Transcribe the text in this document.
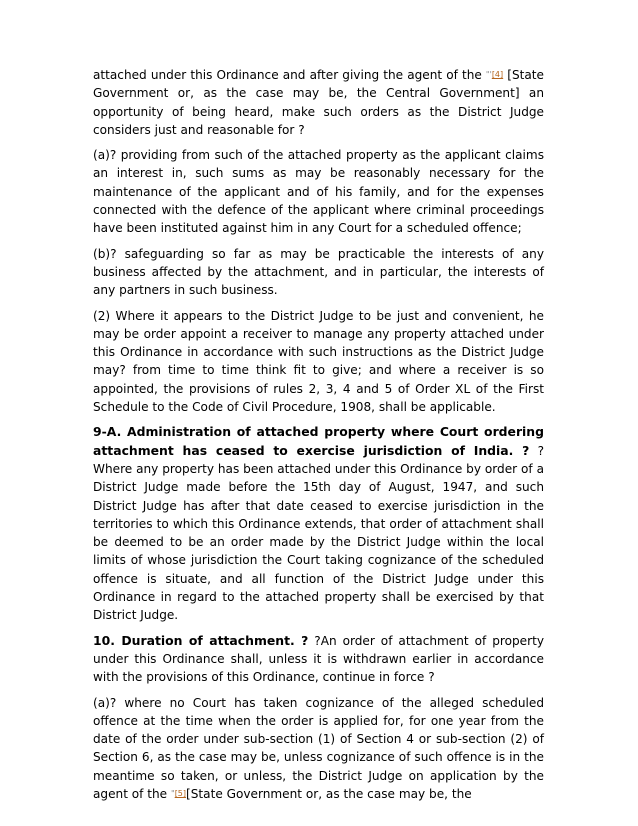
attached under this Ordinance and after giving the agent of the $^{"'[4]}$ [State Government or, as the case may be, the Central Government] an opportunity of being heard, make such orders as the District Judge considers just and reasonable for ?

(a)? providing from such of the attached property as the applicant claims an interest in, such sums as may be reasonably necessary for the maintenance of the applicant and of his family, and for the expenses connected with the defence of the applicant where criminal proceedings have been instituted against him in any Court for a scheduled offence;

(b)? safeguarding so far as may be practicable the interests of any business affected by the attachment, and in particular, the interests of any partners in such business.

(2) Where it appears to the District Judge to be just and convenient, he may be order appoint a receiver to manage any property attached under this Ordinance in accordance with such instructions as the District Judge may? from time to time think fit to give; and where a receiver is so appointed, the provisions of rules 2, 3, 4 and 5 of Order XL of the First Schedule to the Code of Civil Procedure, 1908, shall be applicable.

9-A. Administration of attached property where Court ordering attachment has ceased to exercise jurisdiction of India. ? ? Where any property has been attached under this Ordinance by order of a District Judge made before the 15th day of August, 1947, and such District Judge has after that date ceased to exercise jurisdiction in the territories to which this Ordinance extends, that order of attachment shall be deemed to be an order made by the District Judge within the local limits of whose jurisdiction the Court taking cognizance of the scheduled offence is situate, and all function of the District Judge under this Ordinance in regard to the attached property shall be exercised by that District Judge.

10. Duration of attachment. ? ?An order of attachment of property under this Ordinance shall, unless it is withdrawn earlier in accordance with the provisions of this Ordinance, continue in force ?

(a)? where no Court has taken cognizance of the alleged scheduled offence at the time when the order is applied for, for one year from the date of the order under sub-section (1) of Section 4 or sub-section (2) of Section 6, as the case may be, unless cognizance of such offence is in the meantime so taken, or unless, the District Judge on application by the agent of the $^{"[5]}$[State Government or, as the case may be, the
